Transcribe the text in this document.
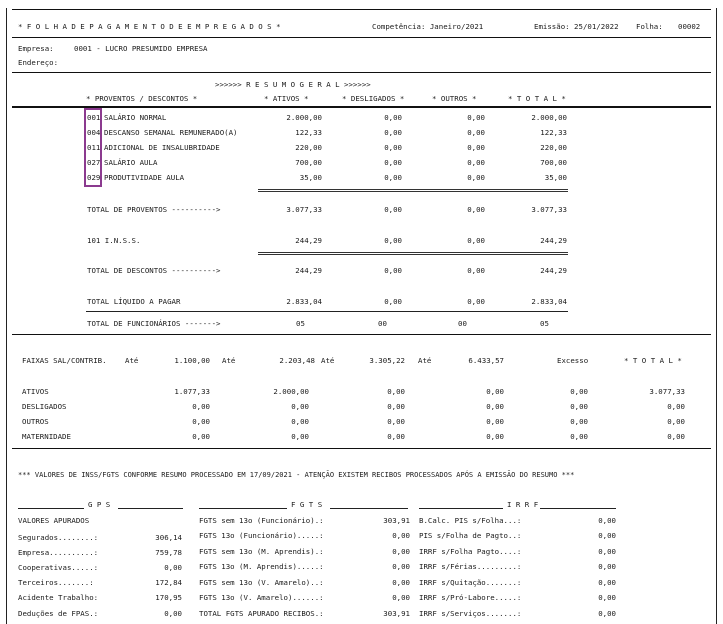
* F O L H A D E P A G A M E N T O D E E M P R E G A D O S *	Competência: Janeiro/2021	Emissão: 25/01/2022 Folha: 00002
Empresa:	0001 - LUCRO PRESUMIDO EMPRESA
Endereço:
>>>>>> R E S U M O G E R A L >>>>>>
* PROVENTOS / DESCONTOS *	* ATIVOS *	* DESLIGADOS *	* OUTROS *	* T O T A L *
001 SALÁRIO NORMAL	2.000,00	0,00	0,00	2.000,00
004 DESCANSO SEMANAL REMUNERADO(A)	122,33	0,00	0,00	122,33
011 ADICIONAL DE INSALUBRIDADE	220,00	0,00	0,00	220,00
027 SALÁRIO AULA	700,00	0,00	0,00	700,00
029 PRODUTIVIDADE AULA	35,00	0,00	0,00	35,00
TOTAL DE PROVENTOS ---------->	3.077,33	0,00	0,00	3.077,33
101 I.N.S.S.	244,29	0,00	0,00	244,29
TOTAL DE DESCONTOS ---------->	244,29	0,00	0,00	244,29
TOTAL LÍQUIDO A PAGAR	2.833,04	0,00	0,00	2.833,04
TOTAL DE FUNCIONÁRIOS ------->	05	00	00	05
FAIXAS SAL/CONTRIB. Até	1.100,00 Até	2.203,48 Até	3.305,22 Até	6.433,57	Excesso	* T O T A L *
ATIVOS	1.077,33	2.000,00	0,00	0,00	0,00	3.077,33
DESLIGADOS	0,00	0,00	0,00	0,00	0,00	0,00
OUTROS	0,00	0,00	0,00	0,00	0,00	0,00
MATERNIDADE	0,00	0,00	0,00	0,00	0,00	0,00
*** VALORES DE INSS/FGTS CONFORME RESUMO PROCESSADO EM 17/09/2021 - ATENÇÃO EXISTEM RECIBOS PROCESSADOS APÓS A EMISSÃO DO RESUMO ***
G P S	F G T S	I R R F
VALORES APURADOS
Segurados........:	306,14
Empresa..........:	759,78
Cooperativas.....:	0,00
Terceiros.......:	172,84
Acidente Trabalho:	170,95
Deduções de FPAS.:	0,00
FGTS sem 13o (Funcionário).:	303,91
FGTS 13o (Funcionário).....:	0,00
FGTS sem 13o (M. Aprendis).:	0,00
FGTS 13o (M. Aprendis).....:	0,00
FGTS sem 13o (V. Amarelo)..:	0,00
FGTS 13o (V. Amarelo)......:	0,00
TOTAL FGTS APURADO RECIBOS.:	303,91
B.Calc. PIS s/Folha...:	0,00
PIS s/Folha de Pagto..:	0,00
IRRF s/Folha Pagto....:	0,00
IRRF s/Férias.........:	0,00
IRRF s/Quitação.......:	0,00
IRRF s/Pró-Labore.....:	0,00
IRRF s/Serviços.......:	0,00
